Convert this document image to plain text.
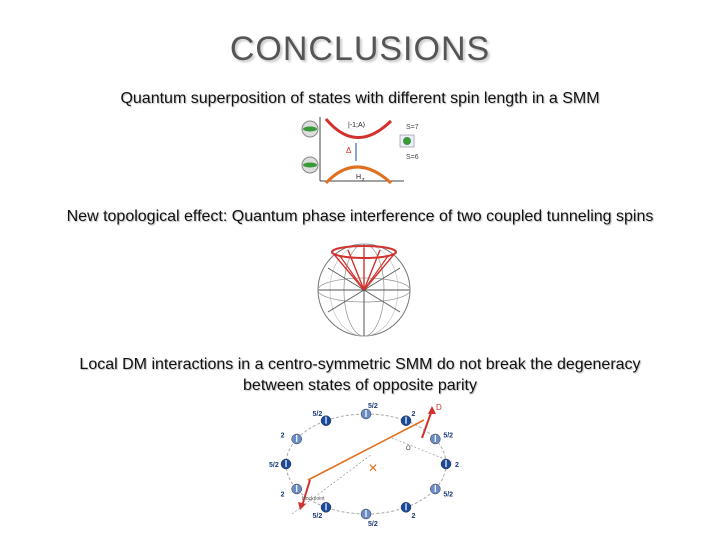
CONCLUSIONS
Quantum superposition of states with different spin length in a SMM
|-1;A⟩	S=7
S=6
Δ
H z
New topological effect: Quantum phase interference of two coupled tunneling spins
Local DM interactions in a centro-symmetric SMM do not break the degeneracy
between states of opposite parity
✕
5/2
2
5/2
2
5/2
2
5/2
5/2
2
5/2
2
5/2
O
D
blockpoint
